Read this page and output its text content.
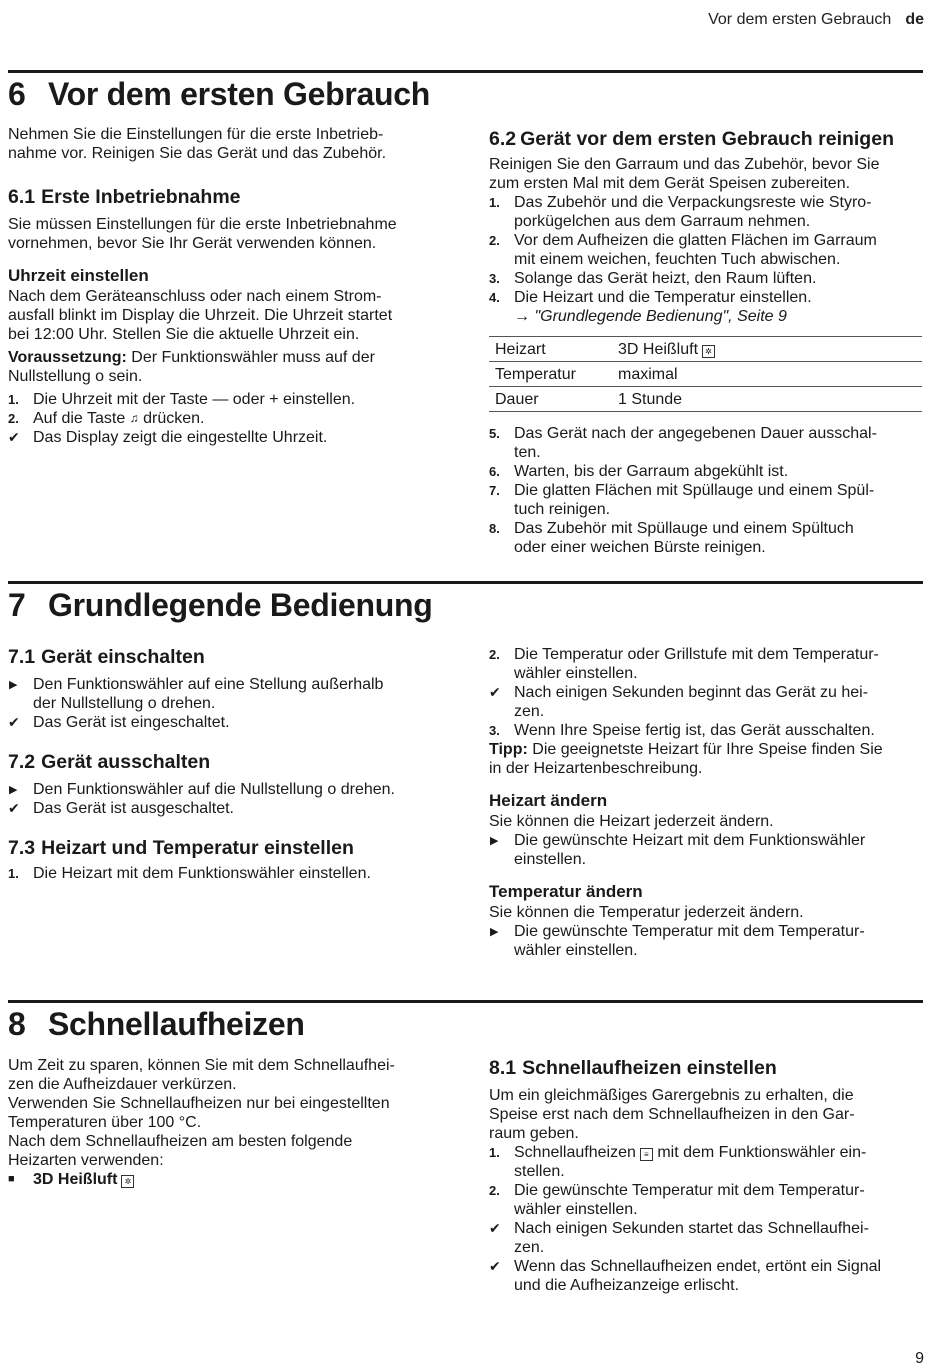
Vor dem ersten Gebrauch de
6 Vor dem ersten Gebrauch

Nehmen Sie die Einstellungen für die erste Inbetrieb-
nahme vor. Reinigen Sie das Gerät und das Zubehör.

6.1 Erste Inbetriebnahme

Sie müssen Einstellungen für die erste Inbetriebnahme
vornehmen, bevor Sie Ihr Gerät verwenden können.

Uhrzeit einstellen

Nach dem Geräteanschluss oder nach einem Strom-
ausfall blinkt im Display die Uhrzeit. Die Uhrzeit startet
bei 12:00 Uhr. Stellen Sie die aktuelle Uhrzeit ein.

Voraussetzung: Der Funktionswähler muss auf der
Nullstellung o sein.

1. Die Uhrzeit mit der Taste — oder + einstellen.
2. Auf die Taste ♫ drücken.
✔ Das Display zeigt die eingestellte Uhrzeit.
6.2 Gerät vor dem ersten Gebrauch reinigen

Reinigen Sie den Garraum und das Zubehör, bevor Sie
zum ersten Mal mit dem Gerät Speisen zubereiten.

1. Das Zubehör und die Verpackungsreste wie Styro-
porkügelchen aus dem Garraum nehmen.
2. Vor dem Aufheizen die glatten Flächen im Garraum
mit einem weichen, feuchten Tuch abwischen.
3. Solange das Gerät heizt, den Raum lüften.
4. Die Heizart und die Temperatur einstellen.
→ "Grundlegende Bedienung", Seite 9
Heizart	3D Heißluft ✲
Temperatur	maximal
Dauer	1 Stunde
5. Das Gerät nach der angegebenen Dauer ausschal-
ten.
6. Warten, bis der Garraum abgekühlt ist.
7. Die glatten Flächen mit Spüllauge und einem Spül-
tuch reinigen.
8. Das Zubehör mit Spüllauge und einem Spültuch
oder einer weichen Bürste reinigen.
7 Grundlegende Bedienung
7.1 Gerät einschalten
▶ Den Funktionswähler auf eine Stellung außerhalb
der Nullstellung o drehen.
✔ Das Gerät ist eingeschaltet.
7.2 Gerät ausschalten
▶ Den Funktionswähler auf die Nullstellung o drehen.
✔ Das Gerät ist ausgeschaltet.
7.3 Heizart und Temperatur einstellen
1. Die Heizart mit dem Funktionswähler einstellen.
2. Die Temperatur oder Grillstufe mit dem Temperatur-
wähler einstellen.
✔ Nach einigen Sekunden beginnt das Gerät zu hei-
zen.
3. Wenn Ihre Speise fertig ist, das Gerät ausschalten.

Tipp: Die geeignetste Heizart für Ihre Speise finden Sie
in der Heizartenbeschreibung.

Heizart ändern

Sie können die Heizart jederzeit ändern.

▶ Die gewünschte Heizart mit dem Funktionswähler
einstellen.
Temperatur ändern

Sie können die Temperatur jederzeit ändern.

▶ Die gewünschte Temperatur mit dem Temperatur-
wähler einstellen.
8 Schnellaufheizen

Um Zeit zu sparen, können Sie mit dem Schnellaufhei-
zen die Aufheizdauer verkürzen.
Verwenden Sie Schnellaufheizen nur bei eingestellten
Temperaturen über 100 °C.
Nach dem Schnellaufheizen am besten folgende
Heizarten verwenden:

■ 3D Heißluft ✲
8.1 Schnellaufheizen einstellen

Um ein gleichmäßiges Garergebnis zu erhalten, die
Speise erst nach dem Schnellaufheizen in den Gar-
raum geben.

1. Schnellaufheizen ≡ mit dem Funktionswähler ein-
stellen.
2. Die gewünschte Temperatur mit dem Temperatur-
wähler einstellen.
✔ Nach einigen Sekunden startet das Schnellaufhei-
zen.
✔ Wenn das Schnellaufheizen endet, ertönt ein Signal
und die Aufheizanzeige erlischt.
9
